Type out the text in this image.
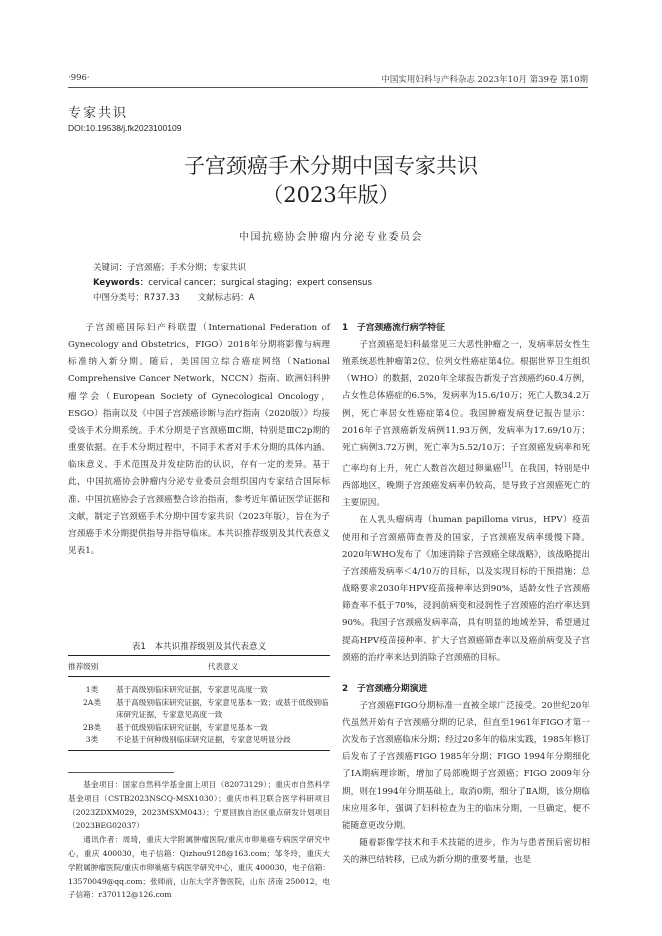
·996·	中国实用妇科与产科杂志 2023年10月 第39卷 第10期
专家共识
DOI:10.19538/j.fk2023100109
子宫颈癌手术分期中国专家共识
（2023年版）
中国抗癌协会肿瘤内分泌专业委员会
关键词：子宫颈癌；手术分期；专家共识
Keywords：cervical cancer；surgical staging；expert consensus
中图分类号：R737.33 文献标志码：A

子宫颈癌国际妇产科联盟（International Federation of Gynecology and Obstetrics，FIGO）2018年分期将影像与病理标准纳入新分期。随后，美国国立综合癌症网络（National Comprehensive Cancer Network，NCCN）指南、欧洲妇科肿瘤学会（European Society of Gynecological Oncology，ESGO）指南以及《中国子宫颈癌诊断与治疗指南（2020版）》均接受该手术分期系统。手术分期是子宫颈癌ⅢC期，特别是ⅢC2p期的重要依据。在手术分期过程中，不同手术者对手术分期的具体内涵、临床意义、手术范围及并发症防治的认识，存有一定的差异。基于此，中国抗癌协会肿瘤内分泌专业委员会组织国内专家结合国际标准、中国抗癌协会子宫颈癌整合诊治指南，参考近年循证医学证据和文献，制定子宫颈癌手术分期中国专家共识（2023年版），旨在为子宫颈癌手术分期提供指导并指导临床。本共识推荐级别及其代表意义见表1。

表1　本共识推荐级别及其代表意义
推荐级别	代表意义
1类	基于高级别临床研究证据，专家意见高度一致
2A类	基于高级别临床研究证据，专家意见基本一致；或基于低级别临床研究证据，专家意见高度一致
2B类	基于低级别临床研究证据，专家意见基本一致
3类	不论基于何种级别临床研究证据，专家意见明显分歧

基金项目：国家自然科学基金面上项目（82073129）；重庆市自然科学基金项目（CSTB2023NSCQ-MSX1030）；重庆市科卫联合医学科研项目（2023ZDXM029，2023MSXM043）；宁夏回族自治区重点研发计划项目（2023BEG02037）

通讯作者：周琦，重庆大学附属肿瘤医院/重庆市卵巢癌专病医学研究中心，重庆 400030，电子信箱：Qizhou9128@163.com；邹冬玲，重庆大学附属肿瘤医院/重庆市卵巢癌专病医学研究中心，重庆 400030，电子信箱：13570049@qq.com；张师前，山东大学齐鲁医院，山东 济南 250012，电子信箱：r370112@126.com

1　子宫颈癌流行病学特征

子宫颈癌是妇科最常见三大恶性肿瘤之一，发病率居女性生殖系统恶性肿瘤第2位，位列女性癌症第4位。根据世界卫生组织（WHO）的数据，2020年全球报告新发子宫颈癌约60.4万例，占女性总体癌症的6.5%，发病率为15.6/10万；死亡人数34.2万例，死亡率居女性癌症第4位。我国肿瘤发病登记报告显示：2016年子宫颈癌新发病例11.93万例，发病率为17.69/10万；死亡病例3.72万例，死亡率为5.52/10万；子宫颈癌发病率和死亡率均有上升，死亡人数首次超过卵巢癌[1]。在我国，特别是中西部地区，晚期子宫颈癌发病率仍较高，是导致子宫颈癌死亡的主要原因。

在人乳头瘤病毒（human papilloma virus，HPV）疫苗使用和子宫颈癌筛查普及的国家，子宫颈癌发病率缓慢下降。2020年WHO发布了《加速消除子宫颈癌全球战略》，该战略提出子宫颈癌发病率＜4/10万的目标，以及实现目标的干预措施：总战略要求2030年HPV疫苗接种率达到90%，适龄女性子宫颈癌筛查率不低于70%，浸润前病变和浸润性子宫颈癌的治疗率达到90%。我国子宫颈癌发病率高，具有明显的地域差异，希望通过提高HPV疫苗接种率、扩大子宫颈癌筛查率以及癌前病变及子宫颈癌的治疗率来达到消除子宫颈癌的目标。

2　子宫颈癌分期演进

子宫颈癌FIGO分期标准一直被全球广泛接受。20世纪20年代虽然开始有子宫颈癌分期的记录，但直至1961年FIGO才第一次发布子宫颈癌临床分期；经过20多年的临床实践，1985年修订后发布了子宫颈癌FIGO 1985年分期；FIGO 1994年分期细化了ⅠA期病理诊断，增加了局部晚期子宫颈癌；FIGO 2009年分期，则在1994年分期基础上，取消0期，细分了ⅡA期，该分期临床应用多年，强调了妇科检查为主的临床分期，一旦确定，便不能随意更改分期。

随着影像学技术和手术技能的进步，作为与患者预后密切相关的淋巴结转移，已成为新分期的重要考量，也是
